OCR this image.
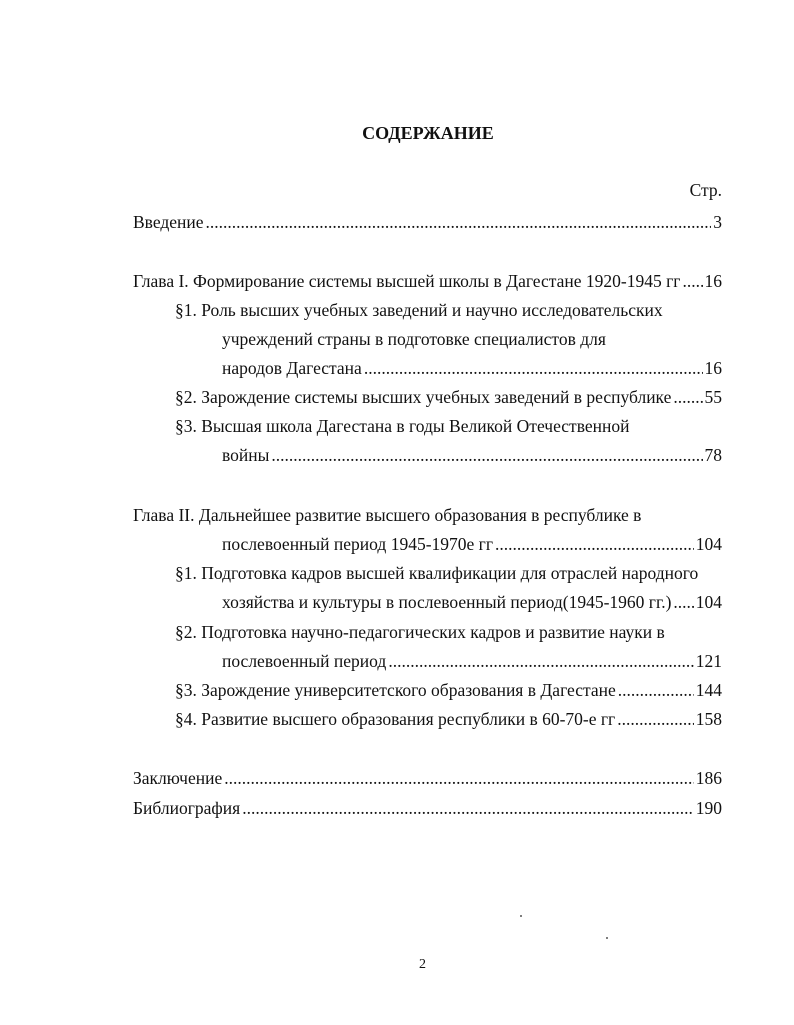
СОДЕРЖАНИЕ
Стр.
Введение .....	3
Глава I. Формирование системы высшей школы в Дагестане 1920-1945 гг ..... 16
§1. Роль высших учебных заведений и научно исследовательских
учреждений страны в подготовке специалистов для
народов Дагестана .....	16
§2. Зарождение системы высших учебных заведений в республике ..... 55
§3. Высшая школа Дагестана в годы Великой Отечественной
войны .....	78
Глава II. Дальнейшее развитие высшего образования в республике в
послевоенный период 1945-1970е гг .....	104
§1. Подготовка кадров высшей квалификации для отраслей народного
хозяйства и культуры в послевоенный период(1945-1960 гг.) ..... 104
§2. Подготовка научно-педагогических кадров и развитие науки в
послевоенный период .....	121
§3. Зарождение университетского образования в Дагестане .....	144
§4. Развитие высшего образования республики в 60-70-е гг .....	158
Заключение .....	186
Библиография .....	190
2
